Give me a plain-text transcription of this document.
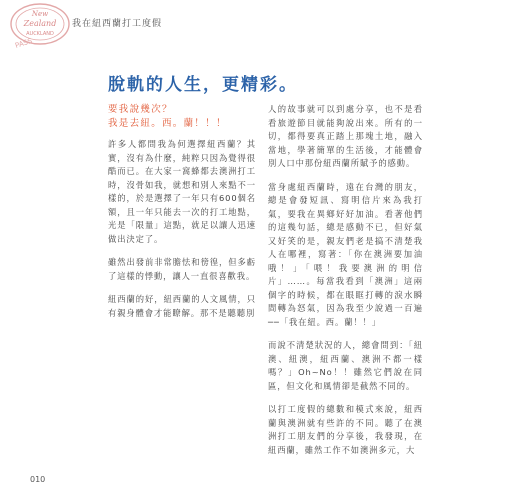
New
Zealand
AUCKLAND
PASS
我在紐西蘭打工度假
脫軌的人生，更精彩。
要我說幾次？
我是去紐。西。蘭！！！

許多人都問我為何選擇紐西蘭？其實，沒有為什麼，純粹只因為覺得很酷而已。在大家一窩蜂都去澳洲打工時，沒骨如我，就想和別人來點不一樣的，於是選擇了一年只有600個名額，且一年只能去一次的打工地點，光是「限量」這點，就足以讓人迅速做出決定了。

雖然出發前非常膽怯和徬徨，但多虧了這樣的悸動，讓人一直很喜歡我。

紐西蘭的好，紐西蘭的人文風情，只有親身體會才能瞭解。那不是聽聽別

人的故事就可以到處分享，也不是看看旅遊節目就能夠說出來。所有的一切，都得要真正踏上那塊土地，融入當地，學著簡單的生活後，才能體會別人口中那份紐西蘭所賦予的感動。

當身處紐西蘭時，遠在台灣的朋友，總是會發短訊、寫明信片來為我打氣，要我在異鄉好好加油。看著他們的這幾句話，總是感動不已，但好氣又好笑的是，親友們老是搞不清楚我人在哪裡，寫著：「你在澳洲要加油哦！」「喂！我要澳洲的明信片」……。每當我看到「澳洲」這兩個字的時候，都在眼眶打轉的淚水瞬間轉為怒氣，因為我至少說過一百遍──「我在紐。西。蘭！！」

而說不清楚狀況的人，總會問到：「紐澳、紐澳，紐西蘭、澳洲不都一樣嗎？」Oh~No！！雖然它們說在同區，但文化和風情卻是截然不同的。

以打工度假的總數和模式來說，紐西蘭與澳洲就有些許的不同。聽了在澳洲打工朋友們的分享後，我發現，在紐西蘭，雖然工作不如澳洲多元，大

010
